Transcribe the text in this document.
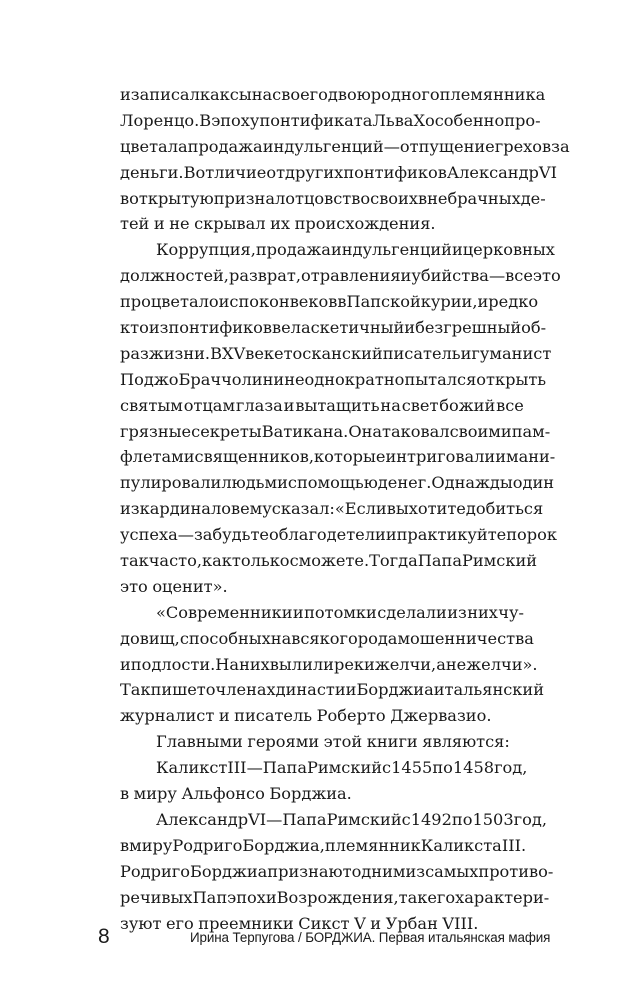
и записал как сына своего двоюродного племянника
Лоренцо. В эпоху понтификата Льва X особенно про-
цветала продажа индульгенций — отпущение грехов за
деньги. В отличие от других понтификов Александр VI
в открытую признал отцовство своих внебрачных де-
тей и не скрывал их происхождения.
Коррупция, продажа индульгенций и церковных
должностей, разврат, отравления и убийства — все это
процветало испокон веков в Папской курии, и редко
кто из понтификов вел аскетичный и безгрешный об-
раз жизни. В XV веке тосканский писатель и гуманист
Поджо Браччолини неоднократно пытался открыть
святым отцам глаза и вытащить на свет божий все
грязные секреты Ватикана. Он атаковал своими пам-
флетами священников, которые интриговали и мани-
пулировали людьми с помощью денег. Однажды один
из кардиналов ему сказал: «Если вы хотите добиться
успеха — забудьте о благодетели и практикуйте порок
так часто, как только сможете. Тогда Папа Римский
это оценит».
«Современники и потомки сделали из них чу-
довищ, способных на всякого рода мошенничества
и подлости. На них вылили реки желчи, а не желчи».
Так пишет о членах династии Борджиа итальянский
журналист и писатель Роберто Джервазио.
Главными героями этой книги являются:
Каликст III — Папа Римский с 1455 по 1458 год,
в миру Альфонсо Борджиа.
Александр VI — Папа Римский с 1492 по 1503 год,
в миру Родриго Борджиа, племянник Каликста III.
Родриго Борджиа признают одним из самых противо-
речивых Пап эпохи Возрождения, так его характери-
зуют его преемники Сикст V и Урбан VIII.
8	Ирина Терпугова / БОРДЖИА. Первая итальянская мафия
